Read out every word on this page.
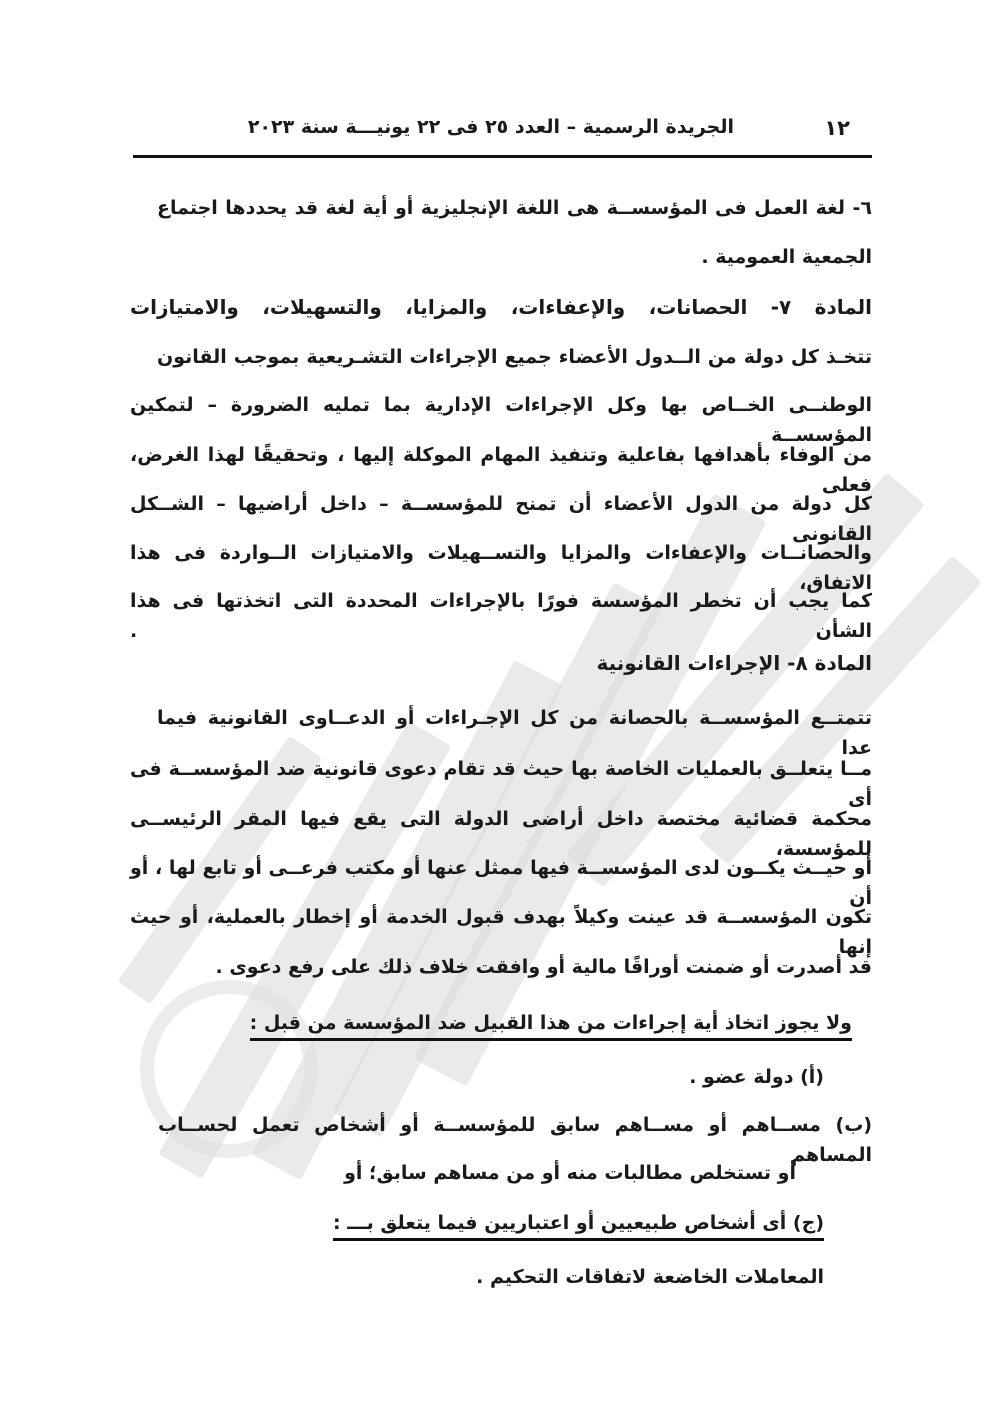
١٢
الجريدة الرسمية – العدد ٢٥ فى ٢٢ يونيـــة سنة ٢٠٢٣
٦- لغة العمل فى المؤسســة هى اللغة الإنجليزية أو أية لغة قد يحددها اجتماع
الجمعية العمومية .
المادة ٧- الحصانات، والإعفاءات، والمزايا، والتسهيلات، والامتيازات
تتخـذ كل دولة من الــدول الأعضاء جميع الإجراءات التشـريعية بموجب القانون
الوطنــى الخــاص بها وكل الإجراءات الإدارية بما تمليه الضرورة – لتمكين المؤسســة
من الوفاء بأهدافها بفاعلية وتنفيذ المهام الموكلة إليها ، وتحقيقًا لهذا الغرض، فعلى
كل دولة من الدول الأعضاء أن تمنح للمؤسســة – داخل أراضيها – الشــكل القانونى
والحصانــات والإعفاءات والمزايا والتســهيلات والامتيازات الــواردة فى هذا الاتفاق،
كما يجب أن تخطر المؤسسة فورًا بالإجراءات المحددة التى اتخذتها فى هذا الشأن .
المادة ٨- الإجراءات القانونية
تتمتــع المؤسســة بالحصانة من كل الإجـراءات أو الدعــاوى القانونية فيما عدا
مــا يتعلــق بالعمليات الخاصة بها حيث قد تقام دعوى قانونية ضد المؤسســة فى أى
محكمة قضائية مختصة داخل أراضى الدولة التى يقع فيها المقر الرئيســى للمؤسسة،
أو حيــث يكــون لدى المؤسســة فيها ممثل عنها أو مكتب فرعــى أو تابع لها ، أو أن
تكون المؤسســة قد عينت وكيلاً بهدف قبول الخدمة أو إخطار بالعملية، أو حيث إنها
قد أصدرت أو ضمنت أوراقًا مالية أو وافقت خلاف ذلك على رفع دعوى .
ولا يجوز اتخاذ أية إجراءات من هذا القبيل ضد المؤسسة من قبل :
(أ) دولة عضو .
(ب) مســاهم أو مســاهم سابق للمؤسســة أو أشخاص تعمل لحســاب المساهم
أو تستخلص مطالبات منه أو من مساهم سابق؛ أو
(ج) أى أشخاص طبيعيين أو اعتباريين فيما يتعلق بـــ :
المعاملات الخاضعة لاتفاقات التحكيم .
